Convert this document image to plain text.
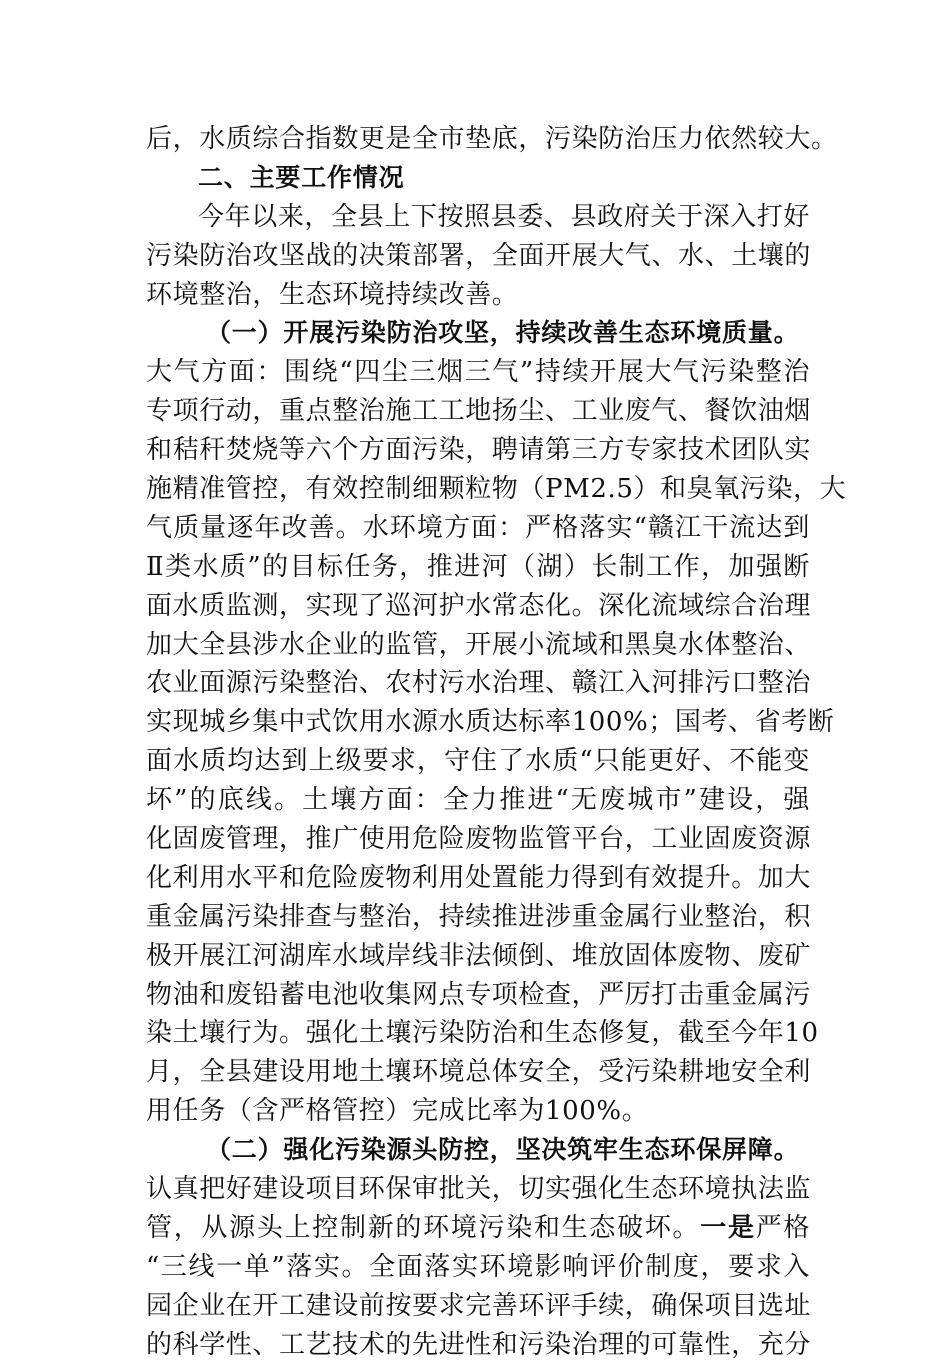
后，水质综合指数更是全市垫底，污染防治压力依然较大。
二、主要工作情况
今年以来，全县上下按照县委、县政府关于深入打好
污染防治攻坚战的决策部署，全面开展大气、水、土壤的
环境整治，生态环境持续改善。
（一）开展污染防治攻坚，持续改善生态环境质量。
大气方面：围绕“四尘三烟三气”持续开展大气污染整治
专项行动，重点整治施工工地扬尘、工业废气、餐饮油烟
和秸秆焚烧等六个方面污染，聘请第三方专家技术团队实
施精准管控，有效控制细颗粒物（PM2.5）和臭氧污染，大
气质量逐年改善。水环境方面：严格落实“赣江干流达到
Ⅱ类水质”的目标任务，推进河（湖）长制工作，加强断
面水质监测，实现了巡河护水常态化。深化流域综合治理
加大全县涉水企业的监管，开展小流域和黑臭水体整治、
农业面源污染整治、农村污水治理、赣江入河排污口整治
实现城乡集中式饮用水源水质达标率100%；国考、省考断
面水质均达到上级要求，守住了水质“只能更好、不能变
坏”的底线。土壤方面：全力推进“无废城市”建设，强
化固废管理，推广使用危险废物监管平台，工业固废资源
化利用水平和危险废物利用处置能力得到有效提升。加大
重金属污染排查与整治，持续推进涉重金属行业整治，积
极开展江河湖库水域岸线非法倾倒、堆放固体废物、废矿
物油和废铅蓄电池收集网点专项检查，严厉打击重金属污
染土壤行为。强化土壤污染防治和生态修复，截至今年10
月，全县建设用地土壤环境总体安全，受污染耕地安全利
用任务（含严格管控）完成比率为100%。
（二）强化污染源头防控，坚决筑牢生态环保屏障。
认真把好建设项目环保审批关，切实强化生态环境执法监
管，从源头上控制新的环境污染和生态破坏。一是严格
“三线一单”落实。全面落实环境影响评价制度，要求入
园企业在开工建设前按要求完善环评手续，确保项目选址
的科学性、工艺技术的先进性和污染治理的可靠性，充分
